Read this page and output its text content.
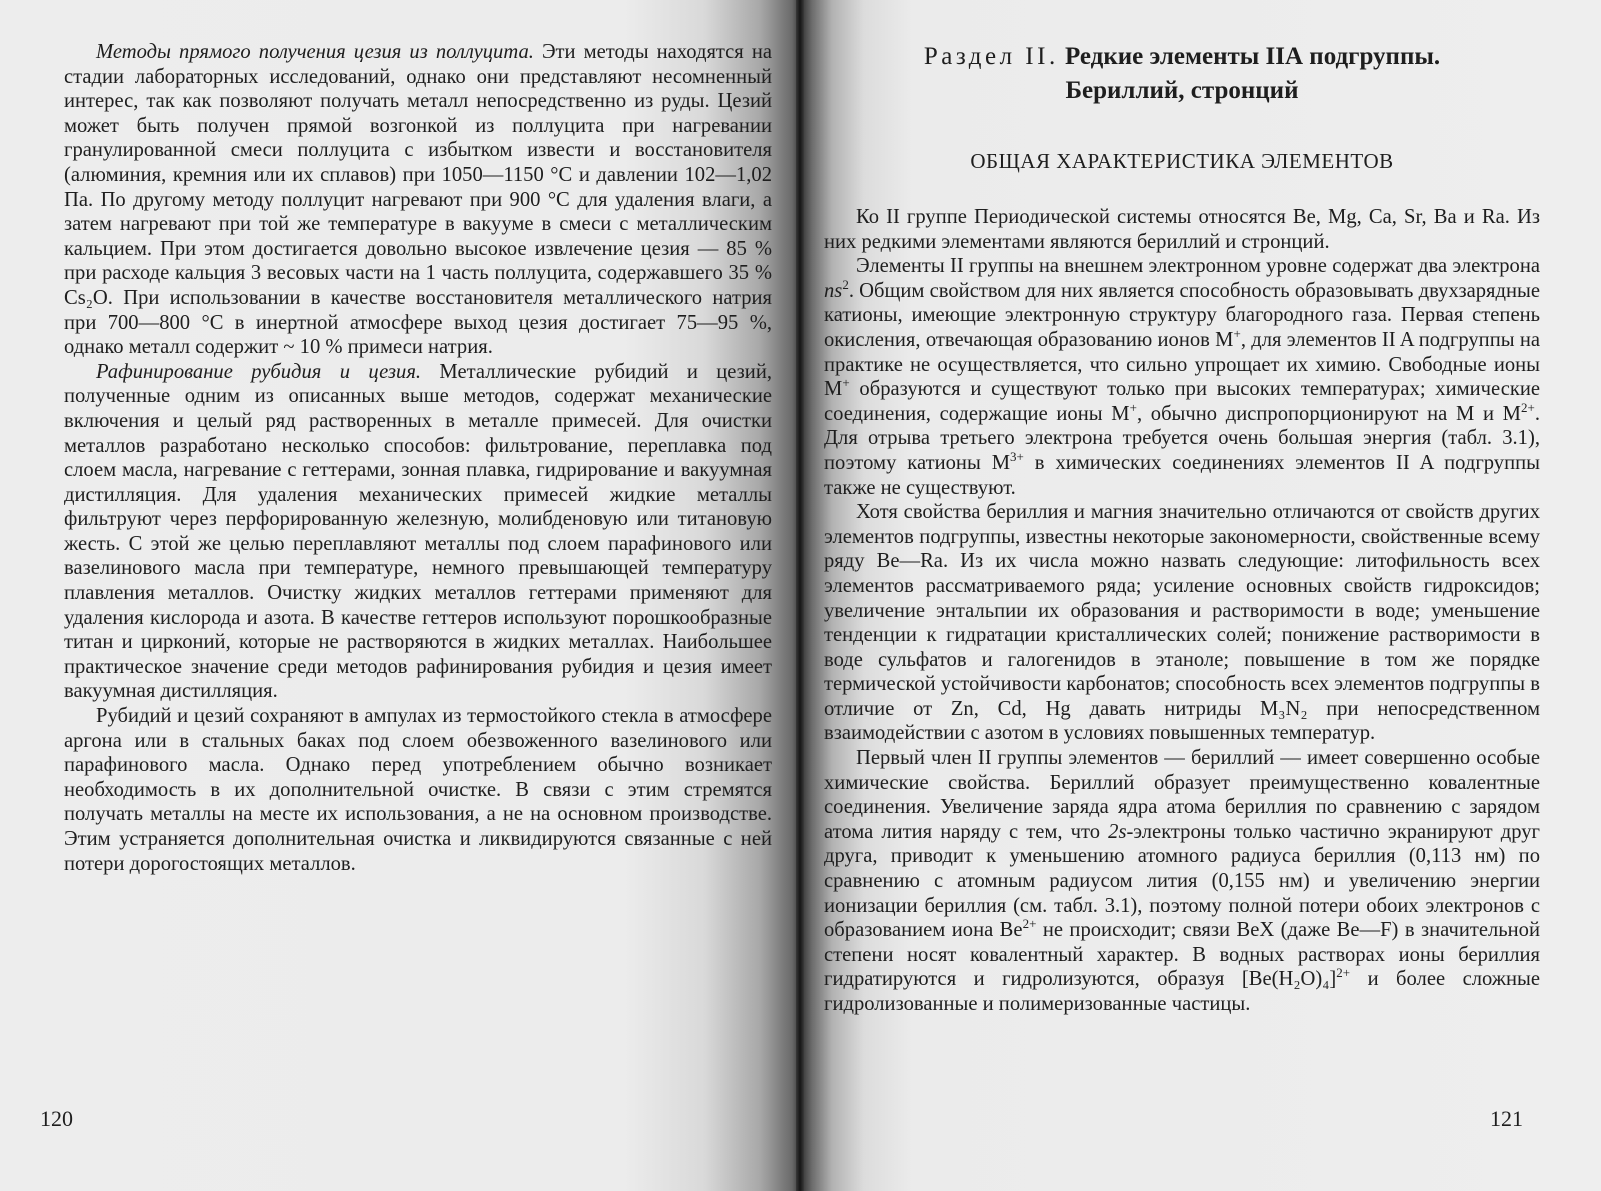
Методы прямого получения цезия из поллуцита. Эти методы находятся на стадии лабораторных исследований, однако они представляют несомненный интерес, так как позволяют получать металл непосредственно из руды. Цезий может быть получен прямой возгонкой из поллуцита при нагревании гранулированной смеси поллуцита с избытком извести и восстановителя (алюминия, кремния или их сплавов) при 1050—1150 °С и давлении 102—1,02 Па. По другому методу поллуцит нагревают при 900 °С для удаления влаги, а затем нагревают при той же температуре в вакууме в смеси с металлическим кальцием. При этом достигается довольно высокое извлечение цезия — 85 % при расходе кальция 3 весовых части на 1 часть поллуцита, содержавшего 35 % Cs₂O. При использовании в качестве восстановителя металлического натрия при 700—800 °С в инертной атмосфере выход цезия достигает 75—95 %, однако металл содержит ~ 10 % примеси натрия.

Рафинирование рубидия и цезия. Металлические рубидий и цезий, полученные одним из описанных выше методов, содержат механические включения и целый ряд растворенных в металле примесей. Для очистки металлов разработано несколько способов: фильтрование, переплавка под слоем масла, нагревание с геттерами, зонная плавка, гидрирование и вакуумная дистилляция. Для удаления механических примесей жидкие металлы фильтруют через перфорированную железную, молибденовую или титановую жесть. С этой же целью переплавляют металлы под слоем парафинового или вазелинового масла при температуре, немного превышающей температуру плавления металлов. Очистку жидких металлов геттерами применяют для удаления кислорода и азота. В качестве геттеров используют порошкообразные титан и цирконий, которые не растворяются в жидких металлах. Наибольшее практическое значение среди методов рафинирования рубидия и цезия имеет вакуумная дистилляция.

Рубидий и цезий сохраняют в ампулах из термостойкого стекла в атмосфере аргона или в стальных баках под слоем обезвоженного вазелинового или парафинового масла. Однако перед употреблением обычно возникает необходимость в их дополнительной очистке. В связи с этим стремятся получать металлы на месте их использования, а не на основном производстве. Этим устраняется дополнительная очистка и ликвидируются связанные с ней потери дорогостоящих металлов.

120
Раздел II. Редкие элементы IIА подгруппы.
Бериллий, стронций
ОБЩАЯ ХАРАКТЕРИСТИКА ЭЛЕМЕНТОВ

Ко II группе Периодической системы относятся Be, Mg, Ca, Sr, Ba и Ra. Из них редкими элементами являются бериллий и стронций.

Элементы II группы на внешнем электронном уровне содержат два электрона $ns^2$. Общим свойством для них является способность образовывать двухзарядные катионы, имеющие электронную структуру благородного газа. Первая степень окисления, отвечающая образованию ионов M+, для элементов II A подгруппы на практике не осуществляется, что сильно упрощает их химию. Свободные ионы M+ образуются и существуют только при высоких температурах; химические соединения, содержащие ионы M+, обычно диспропорционируют на M и $M^{2+}$. Для отрыва третьего электрона требуется очень большая энергия (табл. 3.1), поэтому катионы $M^{3+}$ в химических соединениях элементов II A подгруппы также не существуют.

Хотя свойства бериллия и магния значительно отличаются от свойств других элементов подгруппы, известны некоторые закономерности, свойственные всему ряду Be—Ra. Из их числа можно назвать следующие: литофильность всех элементов рассматриваемого ряда; усиление основных свойств гидроксидов; увеличение энтальпии их образования и растворимости в воде; уменьшение тенденции к гидратации кристаллических солей; понижение растворимости в воде сульфатов и галогенидов в этаноле; повышение в том же порядке термической устойчивости карбонатов; способность всех элементов подгруппы в отличие от Zn, Cd, Hg давать нитриды M₃N₂ при непосредственном взаимодействии с азотом в условиях повышенных температур.

Первый член II группы элементов — бериллий — имеет совершенно особые химические свойства. Бериллий образует преимущественно ковалентные соединения. Увеличение заряда ядра атома бериллия по сравнению с зарядом атома лития наряду с тем, что 2s-электроны только частично экранируют друг друга, приводит к уменьшению атомного радиуса бериллия (0,113 нм) по сравнению с атомным радиусом лития (0,155 нм) и увеличению энергии ионизации бериллия (см. табл. 3.1), поэтому полной потери обоих электронов с образованием иона $Be^{2+}$ не происходит; связи BeX (даже Be—F) в значительной степени носят ковалентный характер. В водных растворах ионы бериллия гидратируются и гидролизуются, образуя $[Be(H_2O)_4]^{2+}$ и более сложные гидролизованные и полимеризованные частицы.

121
